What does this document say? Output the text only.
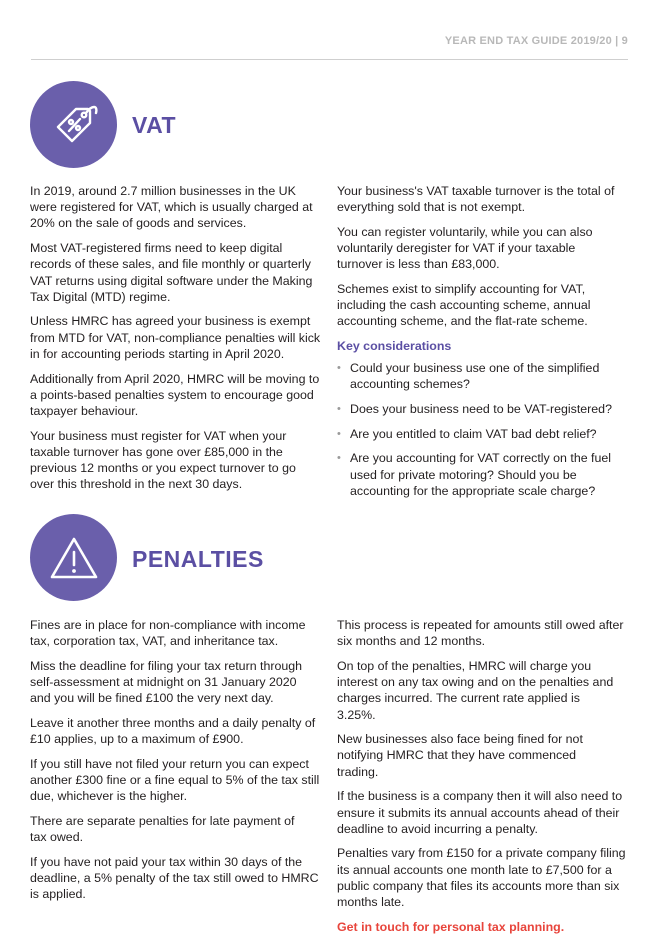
YEAR END TAX GUIDE 2019/20 | 9
VAT

In 2019, around 2.7 million businesses in the UK were registered for VAT, which is usually charged at 20% on the sale of goods and services.

Most VAT-registered firms need to keep digital records of these sales, and file monthly or quarterly VAT returns using digital software under the Making Tax Digital (MTD) regime.

Unless HMRC has agreed your business is exempt from MTD for VAT, non-compliance penalties will kick in for accounting periods starting in April 2020.

Additionally from April 2020, HMRC will be moving to a points-based penalties system to encourage good taxpayer behaviour.

Your business must register for VAT when your taxable turnover has gone over £85,000 in the previous 12 months or you expect turnover to go over this threshold in the next 30 days.

Your business's VAT taxable turnover is the total of everything sold that is not exempt.

You can register voluntarily, while you can also voluntarily deregister for VAT if your taxable turnover is less than £83,000.

Schemes exist to simplify accounting for VAT, including the cash accounting scheme, annual accounting scheme, and the flat-rate scheme.

Key considerations
• Could your business use one of the simplified accounting schemes?
• Does your business need to be VAT-registered?
• Are you entitled to claim VAT bad debt relief?
• Are you accounting for VAT correctly on the fuel used for private motoring? Should you be accounting for the appropriate scale charge?
PENALTIES

Fines are in place for non-compliance with income tax, corporation tax, VAT, and inheritance tax.

Miss the deadline for filing your tax return through self-assessment at midnight on 31 January 2020 and you will be fined £100 the very next day.

Leave it another three months and a daily penalty of £10 applies, up to a maximum of £900.

If you still have not filed your return you can expect another £300 fine or a fine equal to 5% of the tax still due, whichever is the higher.

There are separate penalties for late payment of tax owed.

If you have not paid your tax within 30 days of the deadline, a 5% penalty of the tax still owed to HMRC is applied.

This process is repeated for amounts still owed after six months and 12 months.

On top of the penalties, HMRC will charge you interest on any tax owing and on the penalties and charges incurred. The current rate applied is 3.25%.

New businesses also face being fined for not notifying HMRC that they have commenced trading.

If the business is a company then it will also need to ensure it submits its annual accounts ahead of their deadline to avoid incurring a penalty.

Penalties vary from £150 for a private company filing its annual accounts one month late to £7,500 for a public company that files its accounts more than six months late.

Get in touch for personal tax planning.
